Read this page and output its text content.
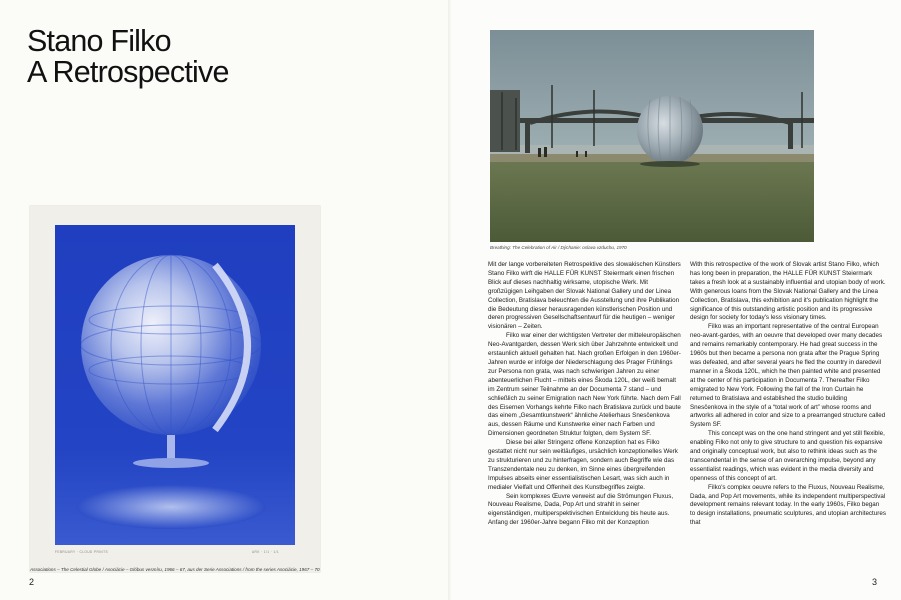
Stano Filko
A Retrospective
FEBRUARY · CLOUD PRINTS	ARK · 1/1 · 1/1
Associations – The Celestial Globe / Asociácie – Glóbus vesmíru, 1966 – 67, aus der Serie Associations / from the series Asociácie, 1967 – 70
2
Breathing: The Celebration of Air / Dýchanie: oslava vzduchu, 1970

Mit der lange vorbereiteten Retrospektive des slowakischen Künstlers Stano Filko wirft die HALLE FÜR KUNST Steiermark einen frischen Blick auf dieses nachhaltig wirksame, utopische Werk. Mit großzügigen Leihgaben der Slovak National Gallery und der Linea Collection, Bratislava beleuchten die Ausstellung und ihre Publikation die Bedeutung dieser herausragenden künstlerischen Position und deren progressiven Gesellschaftsentwurf für die heutigen – weniger visionären – Zeiten.

Filko war einer der wichtigsten Vertreter der mitteleuropäischen Neo-Avantgarden, dessen Werk sich über Jahrzehnte entwickelt und erstaunlich aktuell gehalten hat. Nach großen Erfolgen in den 1960er-Jahren wurde er infolge der Niederschlagung des Prager Frühlings zur Persona non grata, was nach schwierigen Jahren zu einer abenteuerlichen Flucht – mittels eines Škoda 120L, der weiß bemalt im Zentrum seiner Teilnahme an der Documenta 7 stand – und schließlich zu seiner Emigration nach New York führte. Nach dem Fall des Eisernen Vorhangs kehrte Filko nach Bratislava zurück und baute das einem „Gesamtkunstwerk“ ähnliche Atelierhaus Snesčenkova aus, dessen Räume und Kunstwerke einer nach Farben und Dimensionen geordneten Struktur folgten, dem System SF.

Diese bei aller Stringenz offene Konzeption hat es Filko gestattet nicht nur sein weitläufiges, ursächlich konzeptionelles Werk zu strukturieren und zu hinterfragen, sondern auch Begriffe wie das Transzendentale neu zu denken, im Sinne eines übergreifenden Impulses abseits einer essentialistischen Lesart, was sich auch in medialer Vielfalt und Offenheit des Kunstbegriffes zeigte.

Sein komplexes Œuvre verweist auf die Strömungen Fluxus, Nouveau Realisme, Dada, Pop Art und strahlt in seiner eigenständigen, multiperspektivischen Entwicklung bis heute aus. Anfang der 1960er-Jahre begann Filko mit der Konzeption

With this retrospective of the work of Slovak artist Stano Filko, which has long been in preparation, the HALLE FÜR KUNST Steiermark takes a fresh look at a sustainably influential and utopian body of work. With generous loans from the Slovak National Gallery and the Linea Collection, Bratislava, this exhibition and it's publication highlight the significance of this outstanding artistic position and its progressive design for society for today's less visionary times.

Filko was an important representative of the central European neo-avant-gardes, with an oeuvre that developed over many decades and remains remarkably contemporary. He had great success in the 1960s but then became a persona non grata after the Prague Spring was defeated, and after several years he fled the country in daredevil manner in a Škoda 120L, which he then painted white and presented at the center of his participation in Documenta 7. Thereafter Filko emigrated to New York. Following the fall of the Iron Curtain he returned to Bratislava and established the studio building Snesčenkova in the style of a “total work of art” whose rooms and artworks all adhered in color and size to a prearranged structure called System SF.

This concept was on the one hand stringent and yet still flexible, enabling Filko not only to give structure to and question his expansive and originally conceptual work, but also to rethink ideas such as the transcendental in the sense of an overarching impulse, beyond any essentialist readings, which was evident in the media diversity and openness of this concept of art.

Filko's complex oeuvre refers to the Fluxus, Nouveau Realisme, Dada, and Pop Art movements, while its independent multiperspectival development remains relevant today. In the early 1960s, Filko began to design installations, pneumatic sculptures, and utopian architectures that

3
